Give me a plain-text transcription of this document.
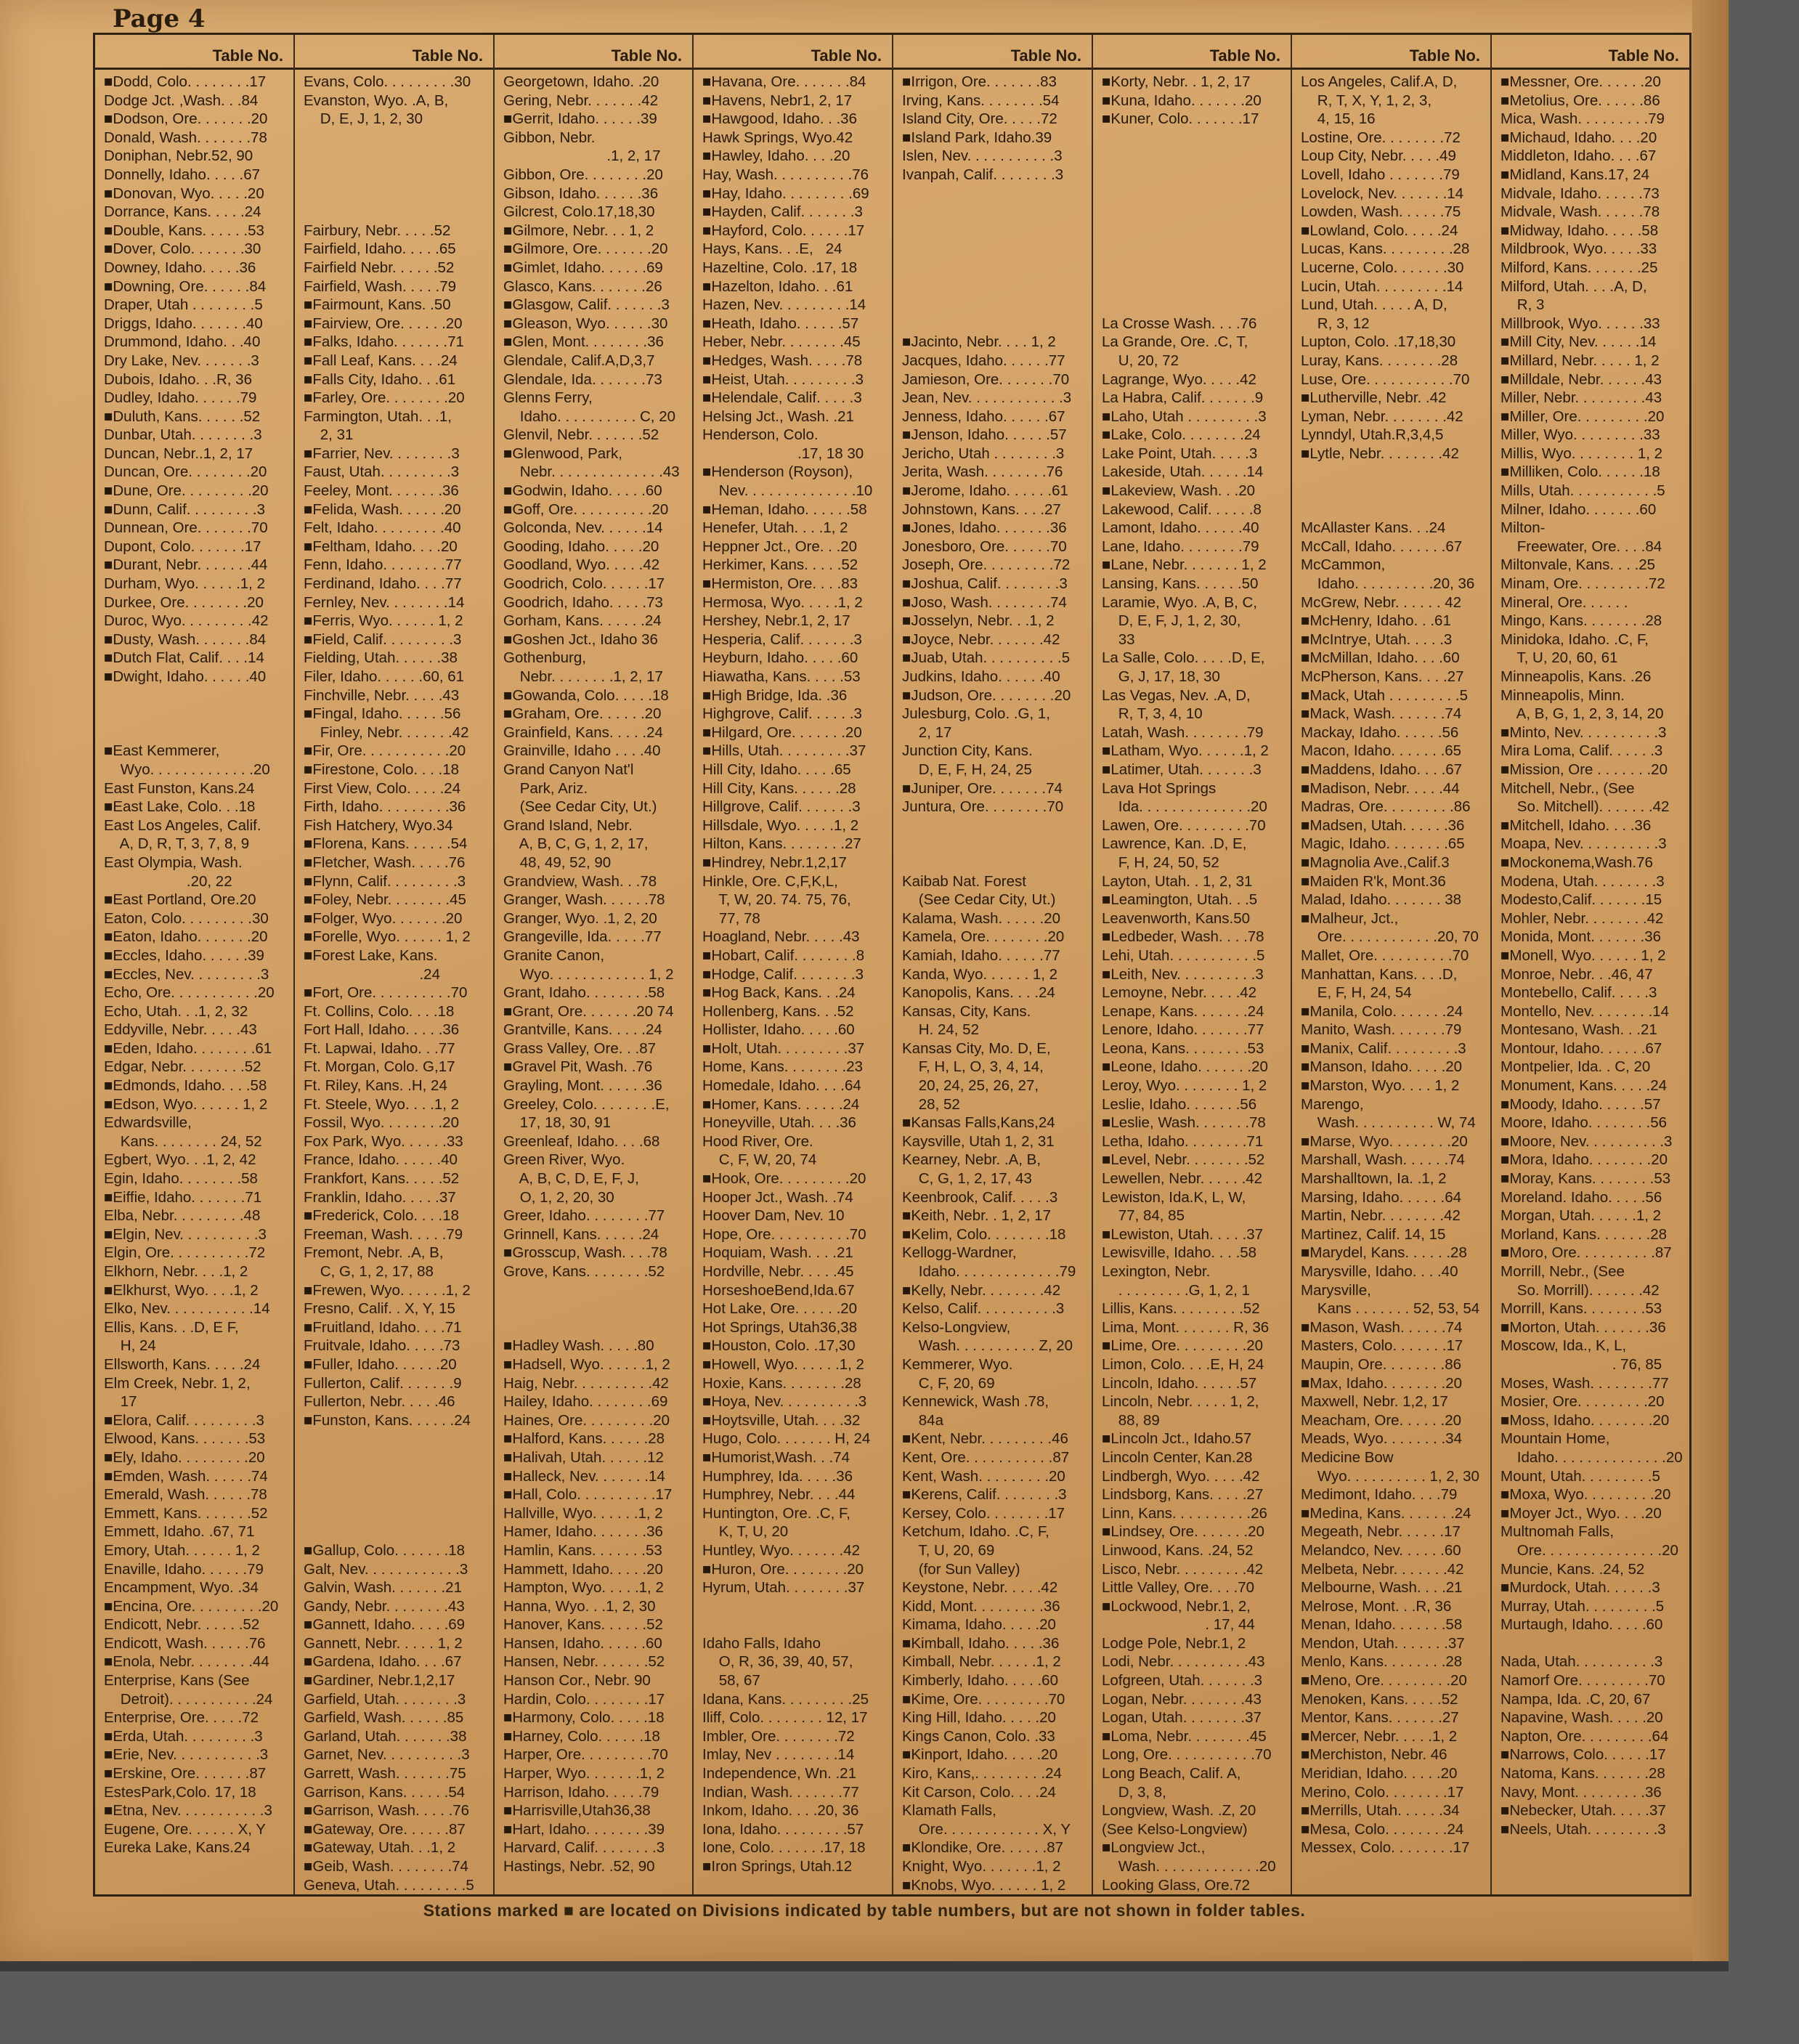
Page 4
Table No.
■Dodd, Colo. . . . . . . .17
Dodge Jct. ,Wash. . .84
■Dodson, Ore. . . . . . .20
Donald, Wash. . . . . . .78
Doniphan, Nebr.52, 90
Donnelly, Idaho. . . . .67
■Donovan, Wyo. . . . .20
Dorrance, Kans. . . . .24
■Double, Kans. . . . . .53
■Dover, Colo. . . . . . .30
Downey, Idaho. . . . .36
■Downing, Ore. . . . . .84
Draper, Utah . . . . . . . .5
Driggs, Idaho. . . . . . .40
Drummond, Idaho. . .40
Dry Lake, Nev. . . . . . .3
Dubois, Idaho. . .R, 36
Dudley, Idaho. . . . . .79
■Duluth, Kans. . . . . .52
Dunbar, Utah. . . . . . . .3
Duncan, Nebr..1, 2, 17
Duncan, Ore. . . . . . . .20
■Dune, Ore. . . . . . . . .20
■Dunn, Calif. . . . . . . . .3
Dunnean, Ore. . . . . . .70
Dupont, Colo. . . . . . .17
■Durant, Nebr. . . . . . .44
Durham, Wyo. . . . . .1, 2
Durkee, Ore. . . . . . . .20
Duroc, Wyo. . . . . . . . .42
■Dusty, Wash. . . . . . .84
■Dutch Flat, Calif. . . .14
■Dwight, Idaho. . . . . .40

■East Kemmerer,
Wyo. . . . . . . . . . . . .20
East Funston, Kans.24
■East Lake, Colo. . .18
East Los Angeles, Calif.
A, D, R, T, 3, 7, 8, 9
East Olympia, Wash.
.20, 22
■East Portland, Ore.20
Eaton, Colo. . . . . . . . .30
■Eaton, Idaho. . . . . . .20
■Eccles, Idaho. . . . . .39
■Eccles, Nev. . . . . . . . .3
Echo, Ore. . . . . . . . . . .20
Echo, Utah. . .1, 2, 32
Eddyville, Nebr. . . . .43
■Eden, Idaho. . . . . . . .61
Edgar, Nebr. . . . . . . .52
■Edmonds, Idaho. . . .58
■Edson, Wyo. . . . . . 1, 2
Edwardsville,
Kans. . . . . . . . 24, 52
Egbert, Wyo. . .1, 2, 42
Egin, Idaho. . . . . . . .58
■Eiffie, Idaho. . . . . . .71
Elba, Nebr. . . . . . . . .48
■Elgin, Nev. . . . . . . . . .3
Elgin, Ore. . . . . . . . . .72
Elkhorn, Nebr. . . .1, 2
■Elkhurst, Wyo. . . .1, 2
Elko, Nev. . . . . . . . . . .14
Ellis, Kans. . .D, E F,
H, 24
Ellsworth, Kans. . . . .24
Elm Creek, Nebr. 1, 2,
17
■Elora, Calif. . . . . . . . .3
Elwood, Kans. . . . . . .53
■Ely, Idaho. . . . . . . . .20
■Emden, Wash. . . . . .74
Emerald, Wash. . . . . .78
Emmett, Kans. . . . . . .52
Emmett, Idaho. .67, 71
Emory, Utah. . . . . . 1, 2
Enaville, Idaho. . . . . .79
Encampment, Wyo. .34
■Encina, Ore. . . . . . . . .20
Endicott, Nebr. . . . . .52
Endicott, Wash. . . . . .76
■Enola, Nebr. . . . . . . .44
Enterprise, Kans (See
Detroit). . . . . . . . . . .24
Enterprise, Ore. . . . .72
■Erda, Utah. . . . . . . . .3
■Erie, Nev. . . . . . . . . . .3
■Erskine, Ore. . . . . . .87
EstesPark,Colo. 17, 18
■Etna, Nev. . . . . . . . . . .3
Eugene, Ore. . . . . . X, Y
Eureka Lake, Kans.24
Table No.
Evans, Colo. . . . . . . . .30
Evanston, Wyo. .A, B,
D, E, J, 1, 2, 30

Fairbury, Nebr. . . . .52
Fairfield, Idaho. . . . .65
Fairfield Nebr. . . . . .52
Fairfield, Wash. . . . .79
■Fairmount, Kans. .50
■Fairview, Ore. . . . . .20
■Falks, Idaho. . . . . . .71
■Fall Leaf, Kans. . . .24
■Falls City, Idaho. . .61
■Farley, Ore. . . . . . . .20
Farmington, Utah. . .1,
2, 31
■Farrier, Nev. . . . . . . .3
Faust, Utah. . . . . . . . .3
Feeley, Mont. . . . . . .36
■Felida, Wash. . . . . .20
Felt, Idaho. . . . . . . . .40
■Feltham, Idaho. . . .20
Fenn, Idaho. . . . . . . .77
Ferdinand, Idaho. . . .77
Fernley, Nev. . . . . . . .14
■Ferris, Wyo. . . . . . 1, 2
■Field, Calif. . . . . . . . .3
Fielding, Utah. . . . . .38
Filer, Idaho. . . . . .60, 61
Finchville, Nebr. . . . .43
■Fingal, Idaho. . . . . .56
Finley, Nebr. . . . . . .42
■Fir, Ore. . . . . . . . . . .20
■Firestone, Colo. . . .18
First View, Colo. . . . .24
Firth, Idaho. . . . . . . . .36
Fish Hatchery, Wyo.34
■Florena, Kans. . . . . .54
■Fletcher, Wash. . . . .76
■Flynn, Calif. . . . . . . . .3
■Foley, Nebr. . . . . . . .45
■Folger, Wyo. . . . . . .20
■Forelle, Wyo. . . . . . 1, 2
■Forest Lake, Kans.
.24
■Fort, Ore. . . . . . . . . .70
Ft. Collins, Colo. . . .18
Fort Hall, Idaho. . . . .36
Ft. Lapwai, Idaho. . .77
Ft. Morgan, Colo. G,17
Ft. Riley, Kans. .H, 24
Ft. Steele, Wyo. . . .1, 2
Fossil, Wyo. . . . . . . .20
Fox Park, Wyo. . . . . .33
France, Idaho. . . . . .40
Frankfort, Kans. . . . .52
Franklin, Idaho. . . . .37
■Frederick, Colo. . . .18
Freeman, Wash. . . . .79
Fremont, Nebr. .A, B,
C, G, 1, 2, 17, 88
■Frewen, Wyo. . . . . .1, 2
Fresno, Calif. . X, Y, 15
■Fruitland, Idaho. . . .71
Fruitvale, Idaho. . . . .73
■Fuller, Idaho. . . . . .20
Fullerton, Calif. . . . . . .9
Fullerton, Nebr. . . . .46
■Funston, Kans. . . . . .24

■Gallup, Colo. . . . . . .18
Galt, Nev. . . . . . . . . . . .3
Galvin, Wash. . . . . . .21
Gandy, Nebr. . . . . . . .43
■Gannett, Idaho. . . . .69
Gannett, Nebr. . . . . 1, 2
■Gardena, Idaho. . . .67
■Gardiner, Nebr.1,2,17
Garfield, Utah. . . . . . . .3
Garfield, Wash. . . . . .85
Garland, Utah. . . . . . .38
Garnet, Nev. . . . . . . . . .3
Garrett, Wash. . . . . . .75
Garrison, Kans. . . . . .54
■Garrison, Wash. . . . .76
■Gateway, Ore. . . . . .87
■Gateway, Utah. . .1, 2
■Geib, Wash. . . . . . . .74
Geneva, Utah. . . . . . . . .5
Table No.
Georgetown, Idaho. .20
Gering, Nebr. . . . . . .42
■Gerrit, Idaho. . . . . .39
Gibbon, Nebr.
.1, 2, 17
Gibbon, Ore. . . . . . . .20
Gibson, Idaho. . . . . .36
Gilcrest, Colo.17,18,30
■Gilmore, Nebr. . . 1, 2
■Gilmore, Ore. . . . . . .20
■Gimlet, Idaho. . . . . .69
Glasco, Kans. . . . . . .26
■Glasgow, Calif. . . . . . .3
■Gleason, Wyo. . . . . .30
■Glen, Mont. . . . . . . .36
Glendale, Calif.A,D,3,7
Glendale, Ida. . . . . . .73
Glenns Ferry,
Idaho. . . . . . . . . . C, 20
Glenvil, Nebr. . . . . . .52
■Glenwood, Park,
Nebr. . . . . . . . . . . . . .43
■Godwin, Idaho. . . . .60
■Goff, Ore. . . . . . . . . .20
Golconda, Nev. . . . . .14
Gooding, Idaho. . . . .20
Goodland, Wyo. . . . .42
Goodrich, Colo. . . . . .17
Goodrich, Idaho. . . . .73
Gorham, Kans. . . . . .24
■Goshen Jct., Idaho 36
Gothenburg,
Nebr. . . . . . . .1, 2, 17
■Gowanda, Colo. . . . .18
■Graham, Ore. . . . . .20
Grainfield, Kans. . . . .24
Grainville, Idaho . . . .40
Grand Canyon Nat'l
Park, Ariz.
(See Cedar City, Ut.)
Grand Island, Nebr.
A, B, C, G, 1, 2, 17,
48, 49, 52, 90
Grandview, Wash. . .78
Granger, Wash. . . . . .78
Granger, Wyo. .1, 2, 20
Grangeville, Ida. . . . .77
Granite Canon,
Wyo. . . . . . . . . . . . 1, 2
Grant, Idaho. . . . . . . .58
■Grant, Ore. . . . . . .20 74
Grantville, Kans. . . . .24
Grass Valley, Ore. . .87
■Gravel Pit, Wash. .76
Grayling, Mont. . . . . .36
Greeley, Colo. . . . . . . .E,
17, 18, 30, 91
Greenleaf, Idaho. . . .68
Green River, Wyo.
A, B, C, D, E, F, J,
O, 1, 2, 20, 30
Greer, Idaho. . . . . . . .77
Grinnell, Kans. . . . . .24
■Grosscup, Wash. . . .78
Grove, Kans. . . . . . . .52

■Hadley Wash. . . . .80
■Hadsell, Wyo. . . . . .1, 2
Haig, Nebr. . . . . . . . . .42
Hailey, Idaho. . . . . . . .69
Haines, Ore. . . . . . . . .20
■Halford, Kans. . . . . .28
■Halivah, Utah. . . . . .12
■Halleck, Nev. . . . . . .14
■Hall, Colo. . . . . . . . . .17
Hallville, Wyo. . . . . .1, 2
Hamer, Idaho. . . . . . .36
Hamlin, Kans. . . . . . .53
Hammett, Idaho. . . . .20
Hampton, Wyo. . . . .1, 2
Hanna, Wyo. . .1, 2, 30
Hanover, Kans. . . . . .52
Hansen, Idaho. . . . . .60
Hansen, Nebr. . . . . . .52
Hanson Cor., Nebr. 90
Hardin, Colo. . . . . . . .17
■Harmony, Colo. . . . .18
■Harney, Colo. . . . . .18
Harper, Ore. . . . . . . . .70
Harper, Wyo. . . . . . .1, 2
Harrison, Idaho. . . . .79
■Harrisville,Utah36,38
■Hart, Idaho. . . . . . . .39
Harvard, Calif. . . . . . . .3
Hastings, Nebr. .52, 90
Table No.
■Havana, Ore. . . . . . .84
■Havens, Nebr1, 2, 17
■Hawgood, Idaho. . .36
Hawk Springs, Wyo.42
■Hawley, Idaho. . . .20
Hay, Wash. . . . . . . . . .76
■Hay, Idaho. . . . . . . . .69
■Hayden, Calif. . . . . . .3
■Hayford, Colo. . . . . .17
Hays, Kans. . .E,   24
Hazeltine, Colo. .17, 18
■Hazelton, Idaho. . .61
Hazen, Nev. . . . . . . . .14
■Heath, Idaho. . . . . .57
Heber, Nebr. . . . . . . .45
■Hedges, Wash. . . . .78
■Heist, Utah. . . . . . . . .3
■Helendale, Calif. . . . .3
Helsing Jct., Wash. .21
Henderson, Colo.
.17, 18 30
■Henderson (Royson),
Nev. . . . . . . . . . . . . .10
■Heman, Idaho. . . . . .58
Henefer, Utah. . . .1, 2
Heppner Jct., Ore. . .20
Herkimer, Kans. . . . .52
■Hermiston, Ore. . . .83
Hermosa, Wyo. . . . .1, 2
Hershey, Nebr.1, 2, 17
Hesperia, Calif. . . . . . .3
Heyburn, Idaho. . . . .60
Hiawatha, Kans. . . . .53
■High Bridge, Ida. .36
Highgrove, Calif. . . . . .3
■Hilgard, Ore. . . . . . .20
■Hills, Utah. . . . . . . . .37
Hill City, Idaho. . . . .65
Hill City, Kans. . . . . .28
Hillgrove, Calif. . . . . . .3
Hillsdale, Wyo. . . . .1, 2
Hilton, Kans. . . . . . . .27
■Hindrey, Nebr.1,2,17
Hinkle, Ore. C,F,K,L,
T, W, 20. 74. 75, 76,
77, 78
Hoagland, Nebr. . . . .43
■Hobart, Calif. . . . . . . .8
■Hodge, Calif. . . . . . . .3
■Hog Back, Kans. . .24
Hollenberg, Kans. . .52
Hollister, Idaho. . . . .60
■Holt, Utah. . . . . . . . .37
Home, Kans. . . . . . . .23
Homedale, Idaho. . . .64
■Homer, Kans. . . . . .24
Honeyville, Utah. . . .36
Hood River, Ore.
C, F, W, 20, 74
■Hook, Ore. . . . . . . . .20
Hooper Jct., Wash. .74
Hoover Dam, Nev. 10
Hope, Ore. . . . . . . . . .70
Hoquiam, Wash. . . .21
Hordville, Nebr. . . . .45
HorseshoeBend,Ida.67
Hot Lake, Ore. . . . . .20
Hot Springs, Utah36,38
■Houston, Colo. .17,30
■Howell, Wyo. . . . . .1, 2
Hoxie, Kans. . . . . . . .28
■Hoya, Nev. . . . . . . . . .3
■Hoytsville, Utah. . . .32
Hugo, Colo. . . . . . . H, 24
■Humorist,Wash. . .74
Humphrey, Ida. . . . .36
Humphrey, Nebr. . . .44
Huntington, Ore. .C, F,
K, T, U, 20
Huntley, Wyo. . . . . . .42
■Huron, Ore. . . . . . . .20
Hyrum, Utah. . . . . . . .37

Idaho Falls, Idaho
O, R, 36, 39, 40, 57,
58, 67
Idana, Kans. . . . . . . . .25
Iliff, Colo. . . . . . . . 12, 17
Imbler, Ore. . . . . . . .72
Imlay, Nev . . . . . . . .14
Independence, Wn. .21
Indian, Wash. . . . . . .77
Inkom, Idaho. . . .20, 36
Iona, Idaho. . . . . . . . .57
Ione, Colo. . . . . . .17, 18
■Iron Springs, Utah.12
Table No.
■Irrigon, Ore. . . . . . .83
Irving, Kans. . . . . . . .54
Island City, Ore. . . . .72
■Island Park, Idaho.39
Islen, Nev. . . . . . . . . . .3
Ivanpah, Calif. . . . . . . .3

■Jacinto, Nebr. . . . 1, 2
Jacques, Idaho. . . . . .77
Jamieson, Ore. . . . . . .70
Jean, Nev. . . . . . . . . . . .3
Jenness, Idaho. . . . . .67
■Jenson, Idaho. . . . . .57
Jericho, Utah . . . . . . . .3
Jerita, Wash. . . . . . . .76
■Jerome, Idaho. . . . . .61
Johnstown, Kans. . . .27
■Jones, Idaho. . . . . . .36
Jonesboro, Ore. . . . . .70
Joseph, Ore. . . . . . . . .72
■Joshua, Calif. . . . . . . .3
■Joso, Wash. . . . . . . .74
■Josselyn, Nebr. . .1, 2
■Joyce, Nebr. . . . . . .42
■Juab, Utah. . . . . . . . . .5
Judkins, Idaho. . . . . .40
■Judson, Ore. . . . . . . .20
Julesburg, Colo. .G, 1,
2, 17
Junction City, Kans.
D, E, F, H, 24, 25
■Juniper, Ore. . . . . . .74
Juntura, Ore. . . . . . . .70

Kaibab Nat. Forest
(See Cedar City, Ut.)
Kalama, Wash. . . . . .20
Kamela, Ore. . . . . . . .20
Kamiah, Idaho. . . . . .77
Kanda, Wyo. . . . . . 1, 2
Kanopolis, Kans. . . .24
Kansas, City, Kans.
H. 24, 52
Kansas City, Mo. D, E,
F, H, L, O, 3, 4, 14,
20, 24, 25, 26, 27,
28, 52
■Kansas Falls,Kans,24
Kaysville, Utah 1, 2, 31
Kearney, Nebr. .A, B,
C, G, 1, 2, 17, 43
Keenbrook, Calif. . . . .3
■Keith, Nebr. . 1, 2, 17
■Kelim, Colo. . . . . . . .18
Kellogg-Wardner,
Idaho. . . . . . . . . . . . .79
■Kelly, Nebr. . . . . . . .42
Kelso, Calif. . . . . . . . . .3
Kelso-Longview,
Wash. . . . . . . . . . Z, 20
Kemmerer, Wyo.
C, F, 20, 69
Kennewick, Wash .78,
84a
■Kent, Nebr. . . . . . . . .46
Kent, Ore. . . . . . . . . . .87
Kent, Wash. . . . . . . . .20
■Kerens, Calif. . . . . . . .3
Kersey, Colo. . . . . . . .17
Ketchum, Idaho. .C, F,
T, U, 20, 69
(for Sun Valley)
Keystone, Nebr. . . . .42
Kidd, Mont. . . . . . . . .36
Kimama, Idaho. . . . .20
■Kimball, Idaho. . . . .36
Kimball, Nebr. . . . . .1, 2
Kimberly, Idaho. . . . .60
■Kime, Ore. . . . . . . . .70
King Hill, Idaho. . . . .20
Kings Canon, Colo. .33
■Kinport, Idaho. . . . .20
Kiro, Kans,. . . . . . . . .24
Kit Carson, Colo. . . .24
Klamath Falls,
Ore. . . . . . . . . . . . X, Y
■Klondike, Ore. . . . . .87
Knight, Wyo. . . . . . .1, 2
■Knobs, Wyo. . . . . . 1, 2
Table No.
■Korty, Nebr. . 1, 2, 17
■Kuna, Idaho. . . . . . .20
■Kuner, Colo. . . . . . .17

La Crosse Wash. . . .76
La Grande, Ore. .C, T,
U, 20, 72
Lagrange, Wyo. . . . .42
La Habra, Calif. . . . . . .9
■Laho, Utah . . . . . . . . .3
■Lake, Colo. . . . . . . .24
Lake Point, Utah. . . . .3
Lakeside, Utah. . . . . .14
■Lakeview, Wash. . .20
Lakewood, Calif. . . . . .8
Lamont, Idaho. . . . . .40
Lane, Idaho. . . . . . . .79
■Lane, Nebr. . . . . . . 1, 2
Lansing, Kans. . . . . .50
Laramie, Wyo. .A, B, C,
D, E, F, J, 1, 2, 30,
33
La Salle, Colo. . . . .D, E,
G, J, 17, 18, 30
Las Vegas, Nev. .A, D,
R, T, 3, 4, 10
Latah, Wash. . . . . . . .79
■Latham, Wyo. . . . . .1, 2
■Latimer, Utah. . . . . . .3
Lava Hot Springs
Ida. . . . . . . . . . . . . .20
Lawen, Ore. . . . . . . . .70
Lawrence, Kan. .D, E,
F, H, 24, 50, 52
Layton, Utah. . 1, 2, 31
■Leamington, Utah. . .5
Leavenworth, Kans.50
■Ledbeder, Wash. . . .78
Lehi, Utah. . . . . . . . . . .5
■Leith, Nev. . . . . . . . . .3
Lemoyne, Nebr. . . . .42
Lenape, Kans. . . . . . .24
Lenore, Idaho. . . . . . .77
Leona, Kans. . . . . . . .53
■Leone, Idaho. . . . . . .20
Leroy, Wyo. . . . . . . . 1, 2
Leslie, Idaho. . . . . . .56
■Leslie, Wash. . . . . . .78
Letha, Idaho. . . . . . . .71
■Level, Nebr. . . . . . . .52
Lewellen, Nebr. . . . . .42
Lewiston, Ida.K, L, W,
77, 84, 85
■Lewiston, Utah. . . . .37
Lewisville, Idaho. . . .58
Lexington, Nebr.
. . . . . . . . .G, 1, 2, 1
Lillis, Kans. . . . . . . . .52
Lima, Mont. . . . . . . R, 36
■Lime, Ore. . . . . . . . .20
Limon, Colo. . . .E, H, 24
Lincoln, Idaho. . . . . .57
Lincoln, Nebr. . . . . 1, 2,
88, 89
■Lincoln Jct., Idaho.57
Lincoln Center, Kan.28
Lindbergh, Wyo. . . . .42
Lindsborg, Kans. . . . .27
Linn, Kans. . . . . . . . . .26
■Lindsey, Ore. . . . . . .20
Linwood, Kans. .24, 52
Lisco, Nebr. . . . . . . . .42
Little Valley, Ore. . . .70
■Lockwood, Nebr.1, 2,
. 17, 44
Lodge Pole, Nebr.1, 2
Lodi, Nebr. . . . . . . . . .43
Lofgreen, Utah. . . . . . .3
Logan, Nebr. . . . . . . .43
Logan, Utah. . . . . . . .37
■Loma, Nebr. . . . . . . .45
Long, Ore. . . . . . . . . . .70
Long Beach, Calif. A,
D, 3, 8,
Longview, Wash. .Z, 20
(See Kelso-Longview)
■Longview Jct.,
Wash. . . . . . . . . . . . .20
Looking Glass, Ore.72
Table No.
Los Angeles, Calif.A, D,
R, T, X, Y, 1, 2, 3,
4, 15, 16
Lostine, Ore. . . . . . . .72
Loup City, Nebr. . . . .49
Lovell, Idaho . . . . . . .79
Lovelock, Nev. . . . . . .14
Lowden, Wash. . . . . .75
■Lowland, Colo. . . . .24
Lucas, Kans. . . . . . . . .28
Lucerne, Colo. . . . . . .30
Lucin, Utah. . . . . . . . .14
Lund, Utah. . . . . A, D,
R, 3, 12
Lupton, Colo. .17,18,30
Luray, Kans. . . . . . . .28
Luse, Ore. . . . . . . . . . .70
■Lutherville, Nebr. .42
Lyman, Nebr. . . . . . . .42
Lynndyl, Utah.R,3,4,5
■Lytle, Nebr. . . . . . . .42

McAllaster Kans. . .24
McCall, Idaho. . . . . . .67
McCammon,
Idaho. . . . . . . . . .20, 36
McGrew, Nebr. . . . . . 42
■McHenry, Idaho. . .61
■McIntrye, Utah. . . . .3
■McMillan, Idaho. . . .60
McPherson, Kans. . . .27
■Mack, Utah . . . . . . . . .5
■Mack, Wash. . . . . . .74
Mackay, Idaho. . . . . .56
Macon, Idaho. . . . . . .65
■Maddens, Idaho. . . .67
■Madison, Nebr. . . . .44
Madras, Ore. . . . . . . . .86
■Madsen, Utah. . . . . .36
Magic, Idaho. . . . . . . .65
■Magnolia Ave.,Calif.3
■Maiden R'k, Mont.36
Malad, Idaho. . . . . . . 38
■Malheur, Jct.,
Ore. . . . . . . . . . . .20, 70
Mallet, Ore. . . . . . . . . .70
Manhattan, Kans. . . .D,
E, F, H, 24, 54
■Manila, Colo. . . . . . .24
Manito, Wash. . . . . . .79
■Manix, Calif. . . . . . . . .3
■Manson, Idaho. . . . .20
■Marston, Wyo. . . . 1, 2
Marengo,
Wash. . . . . . . . . . W, 74
■Marse, Wyo. . . . . . . .20
Marshall, Wash. . . . . .74
Marshalltown, Ia. .1, 2
Marsing, Idaho. . . . . .64
Martin, Nebr. . . . . . . .42
Martinez, Calif. 14, 15
■Marydel, Kans. . . . . .28
Marysville, Idaho. . . .40
Marysville,
Kans . . . . . . . 52, 53, 54
■Mason, Wash. . . . . .74
Masters, Colo. . . . . . .17
Maupin, Ore. . . . . . . .86
■Max, Idaho. . . . . . . .20
Maxwell, Nebr. 1,2, 17
Meacham, Ore. . . . . .20
Meads, Wyo. . . . . . . .34
Medicine Bow
Wyo. . . . . . . . . . 1, 2, 30
Medimont, Idaho. . . .79
■Medina, Kans. . . . . . .24
Megeath, Nebr. . . . . .17
Melandco, Nev. . . . . .60
Melbeta, Nebr. . . . . . .42
Melbourne, Wash. . . .21
Melrose, Mont. . .R, 36
Menan, Idaho. . . . . . .58
Mendon, Utah. . . . . . .37
Menlo, Kans. . . . . . . .28
■Meno, Ore. . . . . . . . .20
Menoken, Kans. . . . .52
Mentor, Kans. . . . . . .27
■Mercer, Nebr. . . . .1, 2
■Merchiston, Nebr. 46
Meridian, Idaho. . . . .20
Merino, Colo. . . . . . . .17
■Merrills, Utah. . . . . .34
■Mesa, Colo. . . . . . . .24
Messex, Colo. . . . . . . .17
Table No.
■Messner, Ore. . . . . .20
■Metolius, Ore. . . . . .86
Mica, Wash. . . . . . . . .79
■Michaud, Idaho. . . .20
Middleton, Idaho. . . .67
■Midland, Kans.17, 24
Midvale, Idaho. . . . . .73
Midvale, Wash. . . . . .78
■Midway, Idaho. . . . .58
Mildbrook, Wyo. . . . .33
Milford, Kans. . . . . . .25
Milford, Utah. . . .A, D,
R, 3
Millbrook, Wyo. . . . . .33
■Mill City, Nev. . . . . .14
■Millard, Nebr. . . . . 1, 2
■Milldale, Nebr. . . . . .43
Miller, Nebr. . . . . . . . .43
■Miller, Ore. . . . . . . . .20
Miller, Wyo. . . . . . . . .33
Millis, Wyo. . . . . . . . 1, 2
■Milliken, Colo. . . . . .18
Mills, Utah. . . . . . . . . . .5
Milner, Idaho. . . . . . .60
Milton-
Freewater, Ore. . . .84
Miltonvale, Kans. . . .25
Minam, Ore. . . . . . . . .72
Mineral, Ore. . . . . .
Mingo, Kans. . . . . . . .28
Minidoka, Idaho. .C, F,
T, U, 20, 60, 61
Minneapolis, Kans. .26
Minneapolis, Minn.
A, B, G, 1, 2, 3, 14, 20
■Minto, Nev. . . . . . . . . .3
Mira Loma, Calif. . . . . .3
■Mission, Ore . . . . . . .20
Mitchell, Nebr., (See
So. Mitchell). . . . . . .42
■Mitchell, Idaho. . . .36
Moapa, Nev. . . . . . . . . .3
■Mockonema,Wash.76
Modena, Utah. . . . . . . .3
Modesto,Calif. . . . . . .15
Mohler, Nebr. . . . . . . .42
Monida, Mont. . . . . . .36
■Monell, Wyo. . . . . . 1, 2
Monroe, Nebr. . .46, 47
Montebello, Calif. . . . .3
Montello, Nev. . . . . . . .14
Montesano, Wash. . .21
Montour, Idaho. . . . . .67
Montpelier, Ida. . C, 20
Monument, Kans. . . . .24
■Moody, Idaho. . . . . .57
Moore, Idaho. . . . . . . .56
■Moore, Nev. . . . . . . . . .3
■Mora, Idaho. . . . . . . .20
■Moray, Kans. . . . . . . .53
Moreland. Idaho. . . . .56
Morgan, Utah. . . . . .1, 2
Morland, Kans. . . . . . .28
■Moro, Ore. . . . . . . . . .87
Morrill, Nebr., (See
So. Morrill). . . . . . .42
Morrill, Kans. . . . . . . .53
■Morton, Utah. . . . . . .36
Moscow, Ida., K, L,
. 76, 85
Moses, Wash. . . . . . . .77
Mosier, Ore. . . . . . . . .20
■Moss, Idaho. . . . . . . .20
Mountain Home,
Idaho. . . . . . . . . . . . . .20
Mount, Utah. . . . . . . . .5
■Moxa, Wyo. . . . . . . . .20
■Moyer Jct., Wyo. . . .20
Multnomah Falls,
Ore. . . . . . . . . . . . . . .20
Muncie, Kans. .24, 52
■Murdock, Utah. . . . . .3
Murray, Utah. . . . . . . . .5
Murtaugh, Idaho. . . . .60

Nada, Utah. . . . . . . . . .3
Namorf Ore. . . . . . . . .70
Nampa, Ida. .C, 20, 67
Napavine, Wash. . . . .20
Napton, Ore. . . . . . . . .64
■Narrows, Colo. . . . . .17
Natoma, Kans. . . . . . .28
Navy, Mont. . . . . . . . .36
■Nebecker, Utah. . . . .37
■Neels, Utah. . . . . . . . .3
Stations marked ■ are located on Divisions indicated by table numbers, but are not shown in folder tables.
